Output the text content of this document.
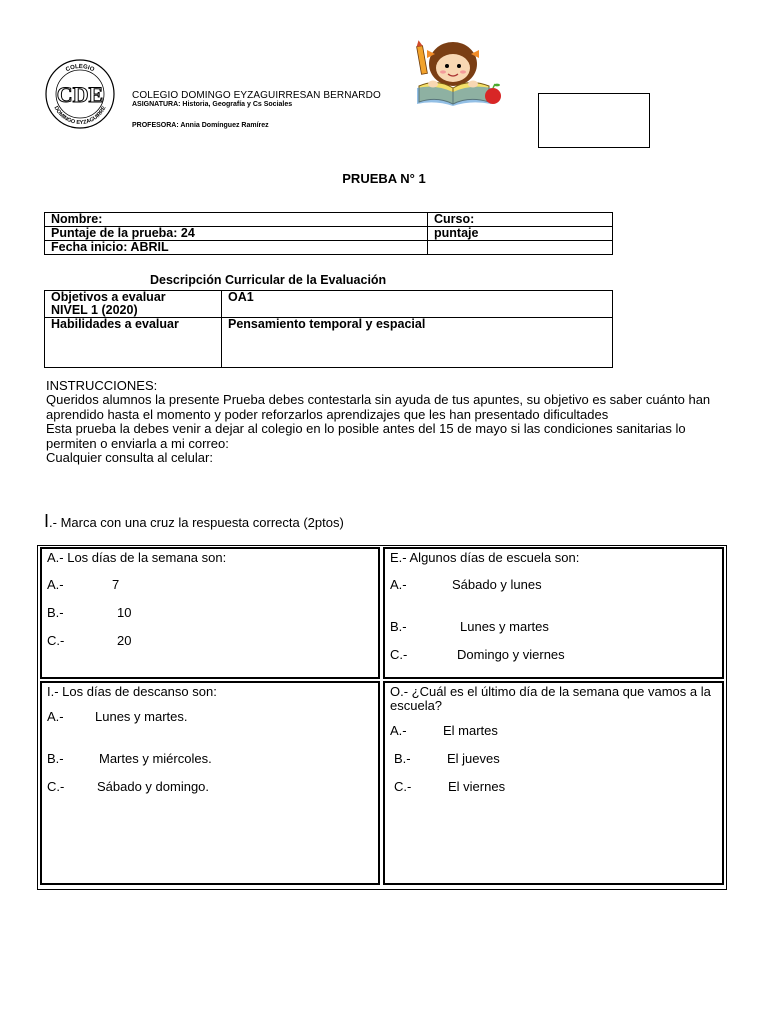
COLEGIO
DOMINGO EYZAGUIRRE
CDE	COLEGIO DOMINGO EYZAGUIRRESAN BERNARDO
ASIGNATURA: Historia, Geografía y Cs Sociales
PROFESORA: Annia Domínguez Ramírez
PRUEBA N° 1
Nombre:	Curso:
Puntaje de la prueba: 24	puntaje
Fecha inicio: ABRIL	
Descripción Curricular de la Evaluación
Objetivos a evaluar
NIVEL 1 (2020)	OA1
Habilidades a evaluar	Pensamiento temporal y espacial

INSTRUCCIONES:

Queridos alumnos la presente Prueba debes contestarla sin ayuda de tus apuntes, su objetivo es saber cuánto han aprendido hasta el momento y poder reforzarlos aprendizajes que les han presentado dificultades

Esta prueba la debes venir a dejar al colegio en lo posible antes del 15 de mayo si las condiciones sanitarias lo permiten o enviarla a mi correo:

Cualquier consulta al celular:

I.- Marca con una cruz la respuesta correcta (2ptos)
A.- Los días de la semana son:
A.-	7
B.-	10
C.-	20
E.- Algunos días de escuela son:
A.-	Sábado y lunes
B.-	Lunes y martes
C.-	Domingo y viernes
I.- Los días de descanso son:
A.- Lunes y martes.
B.-	Martes y miércoles.
C.-	Sábado y domingo.
O.- ¿Cuál es el último día de la semana que vamos a la escuela?
A.-	El martes
B.-	El jueves
C.-	El viernes
